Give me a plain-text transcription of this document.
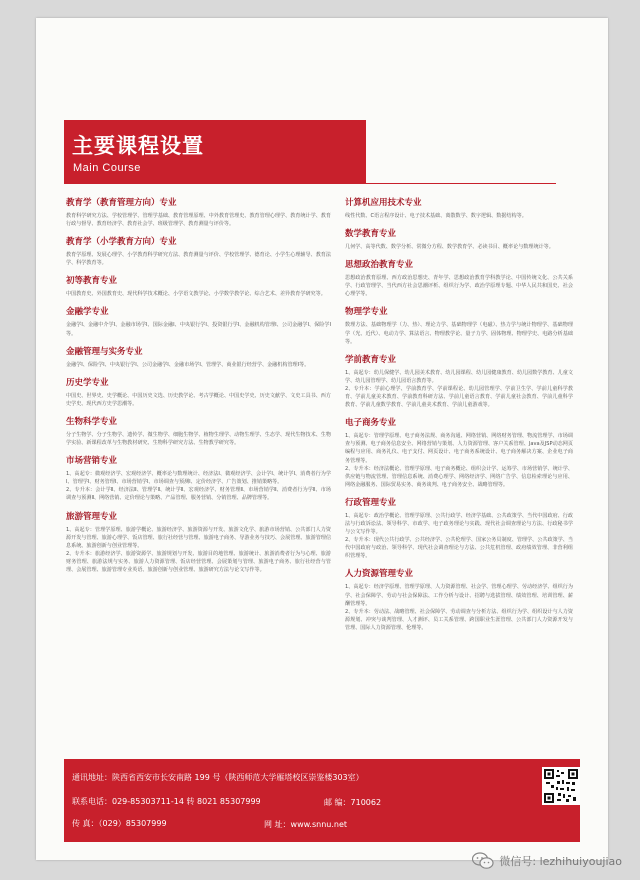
主要课程设置
Main Course
教育学（教育管理方向）专业

教育科学研究方法、学校管理学、管理学基础、教育管理原理、中外教育管理史、教育管理心理学、教育统计学、教育行政与督导、教育经济学、教育社会学、班级管理学、教育测量与评价等。

教育学（小学教育方向）专业

教育学原理、发展心理学、小学教育科学研究方法、教育测量与评价、学校管理学、德育论、小学生心理辅导、教育法学、科学教育等。

初等教育专业

中国教育史、外国教育史、现代科学技术概论、小学语文教学论、小学数学教学论、综合艺术、差异教育学研究等。

金融学专业

金融学Ⅰ、金融中介学Ⅰ、金融市场学Ⅰ、国际金融Ⅰ、中央银行学Ⅰ、投资银行学Ⅰ、金融机构管理Ⅰ、公司金融学Ⅰ、保险学Ⅰ等。

金融管理与实务专业

金融学Ⅰ、保险学Ⅰ、中央银行学Ⅰ、公司金融学Ⅰ、金融市场学Ⅰ、管理学、商业银行经营学、金融机构管理Ⅰ等。

历史学专业

中国史、世界史、史学概论、中国历史文选、历史教学论、考古学概论、中国史学史、历史文献学、文史工具书、西方史学史、现代西方史学思潮等。

生物科学专业

分子生物学、分子生物学、遗传学、微生物学、细胞生物学、植物生理学、动物生理学、生态学、现代生物技术、生物学实验、新课程改革与生物教材研究、生物科学研究方法、生物教学研究等。

市场营销专业

1、高起专：微观经济学、宏观经济学、概率论与数理统计、经济法Ⅰ、微观经济学、会计学Ⅰ、统计学Ⅰ、消费者行为学Ⅰ、管理学Ⅰ、财务管理Ⅰ、市场营销学Ⅰ、市场调查与预测Ⅰ、定价经济学、广告策划、推销策略等。
2、专升本：会计学Ⅱ、经济法Ⅱ、管理学Ⅱ、统计学Ⅱ、宏观经济学、财务管理Ⅱ、市场营销学Ⅱ、消费者行为学Ⅱ、市场调查与预测Ⅱ、网络营销、定价理论与策略、产品管理、服务营销、分销管理、品牌管理等。

旅游管理专业

1、高起专：管理学原理、旅游学概论、旅游经济学、旅游资源与开发、旅游文化学、旅游市场营销、公共部门人力资源开发与管理、旅游心理学、饭店管理、旅行社经营与管理、旅游电子商务、导游业务与技巧、会展管理、旅游管理信息系统、旅游创新与创业管理等。
2、专升本：旅游经济学、旅游资源学、旅游规划与开发、旅游目的地管理、旅游统计、旅游消费者行为与心理、旅游财务管理、旅游法规与实务、旅游人力资源管理、饭店经营管理、会展策划与管理、旅游电子商务、旅行社经营与管理、会展管理、旅游管理专业英语、旅游创新与创业管理、旅游研究方法与论文写作等。

计算机应用技术专业

线性代数、C语言程序设计、电子技术基础、离散数学、数字逻辑、数据结构等。

数学教育专业

几何学、高等代数、数学分析、常微分方程、数学教育学、必读书目、概率论与数理统计等。

思想政治教育专业

思想政治教育原理、西方政治思想史、青年学、思想政治教育学科教学论、中国传统文化、公共关系学、行政管理学、当代西方社会思潮评析、组织行为学、政治学原理专题、中华人民共和国史、社会心理学等。

物理学专业

数理方法、基础物理学（力、热）、理论力学、基础物理学（电磁）、热力学与统计物理学、基础物理学（光、近代）、电动力学、算法语言、物理教学论、量子力学、固体物理、物理学史、电路分析基础等。

学前教育专业

1、高起专：幼儿保健学、幼儿园美术教育、幼儿园课程、幼儿园健康教育、幼儿园数学教育、儿童文学、幼儿园管理学、幼儿园语言教育等。
2、专升本：学前心理学、学前教育学、学前课程论、幼儿园管理学、学前卫生学、学前儿童科学教育、学前儿童美术教育、学前教育科研方法、学前儿童语言教育、学前儿童社会教育、学前儿童科学教育、学前儿童数学教育、学前儿童美术教育、学前儿童游戏等。

电子商务专业

1、高起专：管理学原理、电子商务法规、商务沟通、网络营销、网络财务管理、物流管理学、市场调查与预测、电子商务信息安全、网络营销与策划、人力资源管理、客户关系管理、Java及JSP动态网页编程与应用、商务礼仪、电子支付、网页设计、电子商务系统设计、电子商务解决方案、企业电子商务管理等。
2、专升本：经济法概论、管理学原理、电子商务概论、组织会计学、运筹学、市场营销学、统计学、供应链与物流管理、管理信息系统、消费心理学、网络经济学、网络广告学、信息检索理论与应用、网络金融服务、国际贸易实务、商务谈判、电子商务安全、战略管理等。

行政管理专业

1、高起专：政治学概论、管理学原理、公共行政学、经济学基础、公共政策学、当代中国政府、行政法与行政诉讼法、领导科学、市政学、电子政务理论与实践、现代社会调查理论与方法、行政秘书学与公文写作等。
2、专升本：现代公共行政学、公共经济学、公共伦理学、国家公务员制度、管理学、公共政策学、当代中国政府与政治、领导科学、现代社会调查理论与方法、公共危机管理、政府绩效管理、非营利组织管理等。

人力资源管理专业

1、高起专：经济学原理、管理学原理、人力资源管理、社会学、管理心理学、劳动经济学、组织行为学、社会保障学、劳动与社会保障法、工作分析与设计、招聘与选拔管理、绩效管理、培训管理、薪酬管理等。
2、专升本：劳动法、战略管理、社会保障学、劳动调查与分析方法、组织行为学、组织设计与人力资源规划、冲突与谈判管理、人才测评、员工关系管理、跨国职业生涯管理、公共部门人力资源开发与管理、国际人力资源管理、伦理等。

通讯地址：陕西省西安市长安南路 199 号（陕西师范大学雁塔校区崇鉴楼303室）
联系电话：029-85303711-14 转 8021 85307999	邮 编：710062
传 真：（029）85307999	网 址：www.snnu.net
微信号: lezhihuiyoujiao
